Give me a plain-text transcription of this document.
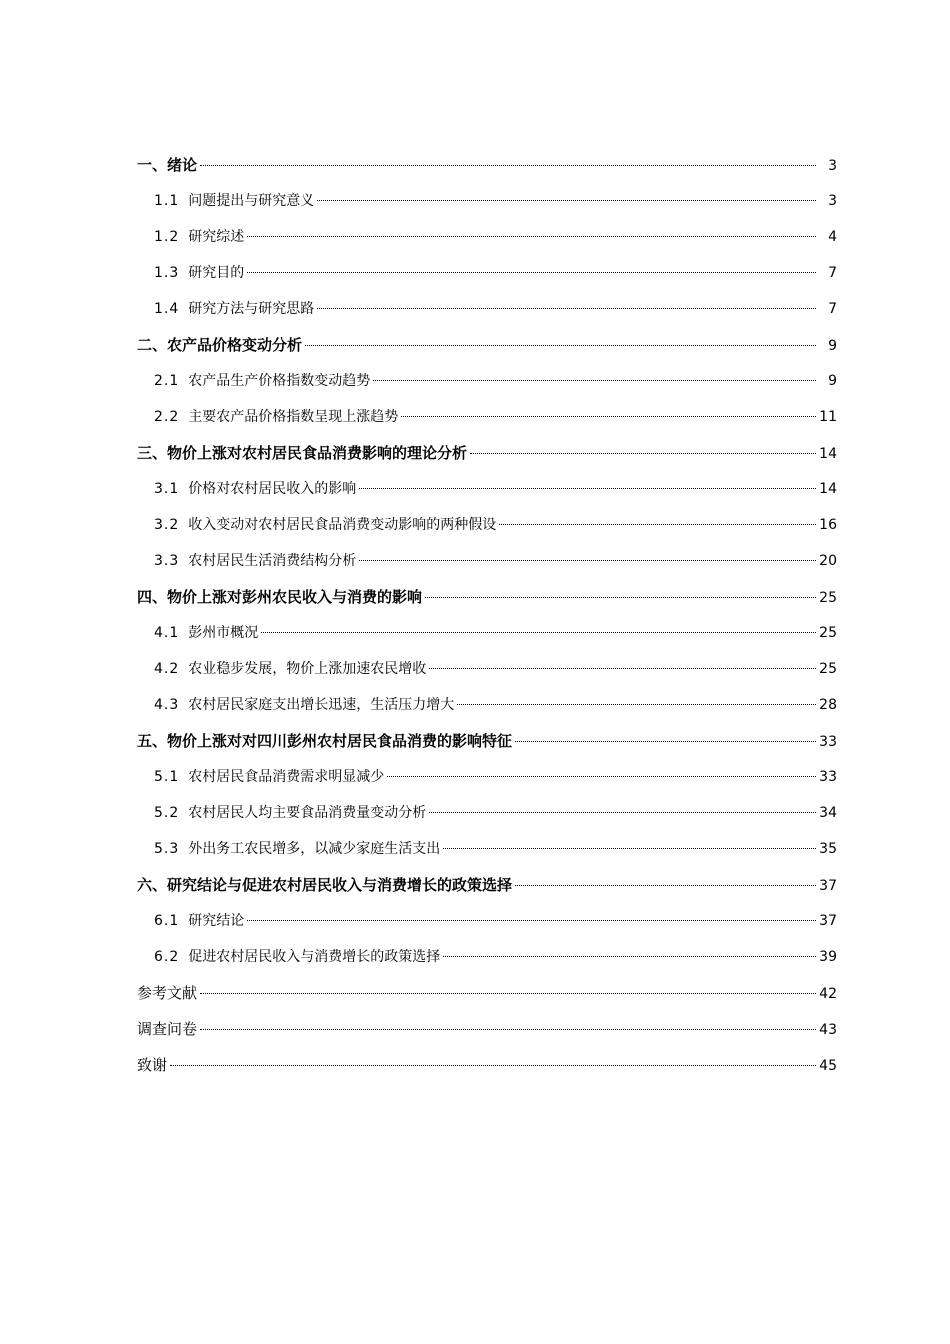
一、绪论	3
1.1 问题提出与研究意义	3
1.2 研究综述	4
1.3 研究目的	7
1.4 研究方法与研究思路	7
二、农产品价格变动分析	9
2.1 农产品生产价格指数变动趋势	9
2.2 主要农产品价格指数呈现上涨趋势	11
三、物价上涨对农村居民食品消费影响的理论分析	14
3.1 价格对农村居民收入的影响	14
3.2 收入变动对农村居民食品消费变动影响的两种假设	16
3.3 农村居民生活消费结构分析	20
四、物价上涨对彭州农民收入与消费的影响	25
4.1 彭州市概况	25
4.2 农业稳步发展，物价上涨加速农民增收	25
4.3 农村居民家庭支出增长迅速，生活压力增大	28
五、物价上涨对对四川彭州农村居民食品消费的影响特征	33
5.1 农村居民食品消费需求明显减少	33
5.2 农村居民人均主要食品消费量变动分析	34
5.3 外出务工农民增多，以减少家庭生活支出	35
六、研究结论与促进农村居民收入与消费增长的政策选择	37
6.1 研究结论	37
6.2 促进农村居民收入与消费增长的政策选择	39
参考文献	42
调查问卷	43
致谢	45
